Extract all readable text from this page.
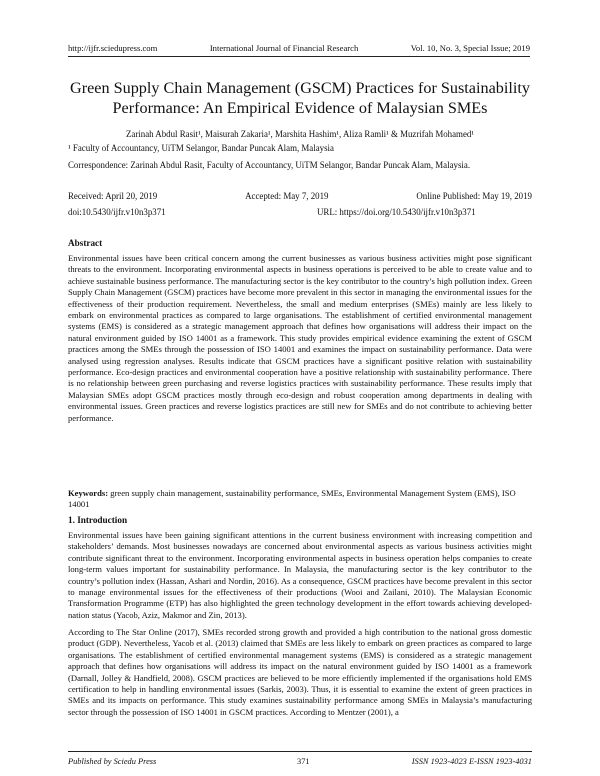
http://ijfr.sciedupress.com	International Journal of Financial Research	Vol. 10, No. 3, Special Issue; 2019
Green Supply Chain Management (GSCM) Practices for Sustainability Performance: An Empirical Evidence of Malaysian SMEs
Zarinah Abdul Rasit¹, Maisurah Zakaria¹, Marshita Hashim¹, Aliza Ramli¹ & Muzrifah Mohamed¹
¹ Faculty of Accountancy, UiTM Selangor, Bandar Puncak Alam, Malaysia
Correspondence: Zarinah Abdul Rasit, Faculty of Accountancy, UiTM Selangor, Bandar Puncak Alam, Malaysia.
Received: April 20, 2019	Accepted: May 7, 2019	Online Published: May 19, 2019
doi:10.5430/ijfr.v10n3p371	URL: https://doi.org/10.5430/ijfr.v10n3p371
Abstract

Environmental issues have been critical concern among the current businesses as various business activities might pose significant threats to the environment. Incorporating environmental aspects in business operations is perceived to be able to create value and to achieve sustainable business performance. The manufacturing sector is the key contributor to the country’s high pollution index. Green Supply Chain Management (GSCM) practices have become more prevalent in this sector in managing the environmental issues for the effectiveness of their production requirement. Nevertheless, the small and medium enterprises (SMEs) mainly are less likely to embark on environmental practices as compared to large organisations. The establishment of certified environmental management systems (EMS) is considered as a strategic management approach that defines how organisations will address their impact on the natural environment guided by ISO 14001 as a framework. This study provides empirical evidence examining the extent of GSCM practices among the SMEs through the possession of ISO 14001 and examines the impact on sustainability performance. Data were analysed using regression analyses. Results indicate that GSCM practices have a significant positive relation with sustainability performance. Eco-design practices and environmental cooperation have a positive relationship with sustainability performance. There is no relationship between green purchasing and reverse logistics practices with sustainability performance. These results imply that Malaysian SMEs adopt GSCM practices mostly through eco-design and robust cooperation among departments in dealing with environmental issues. Green practices and reverse logistics practices are still new for SMEs and do not contribute to achieving better performance.

Keywords: green supply chain management, sustainability performance, SMEs, Environmental Management System (EMS), ISO 14001
1. Introduction

Environmental issues have been gaining significant attentions in the current business environment with increasing competition and stakeholders’ demands. Most businesses nowadays are concerned about environmental aspects as various business activities might contribute significant threat to the environment. Incorporating environmental aspects in business operation helps companies to create long-term values important for sustainability performance. In Malaysia, the manufacturing sector is the key contributor to the country’s pollution index (Hassan, Ashari and Nordin, 2016). As a consequence, GSCM practices have become prevalent in this sector to manage environmental issues for the effectiveness of their productions (Wooi and Zailani, 2010). The Malaysian Economic Transformation Programme (ETP) has also highlighted the green technology development in the effort towards achieving developed-nation status (Yacob, Aziz, Makmor and Zin, 2013).

According to The Star Online (2017), SMEs recorded strong growth and provided a high contribution to the national gross domestic product (GDP). Nevertheless, Yacob et al. (2013) claimed that SMEs are less likely to embark on green practices as compared to large organisations. The establishment of certified environmental management systems (EMS) is considered as a strategic management approach that defines how organisations will address its impact on the natural environment guided by ISO 14001 as a framework (Darnall, Jolley & Handfield, 2008). GSCM practices are believed to be more efficiently implemented if the organisations hold EMS certification to help in handling environmental issues (Sarkis, 2003). Thus, it is essential to examine the extent of green practices in SMEs and its impacts on performance. This study examines sustainability performance among SMEs in Malaysia’s manufacturing sector through the possession of ISO 14001 in GSCM practices. According to Mentzer (2001), a

Published by Sciedu Press	371	ISSN 1923-4023 E-ISSN 1923-4031
